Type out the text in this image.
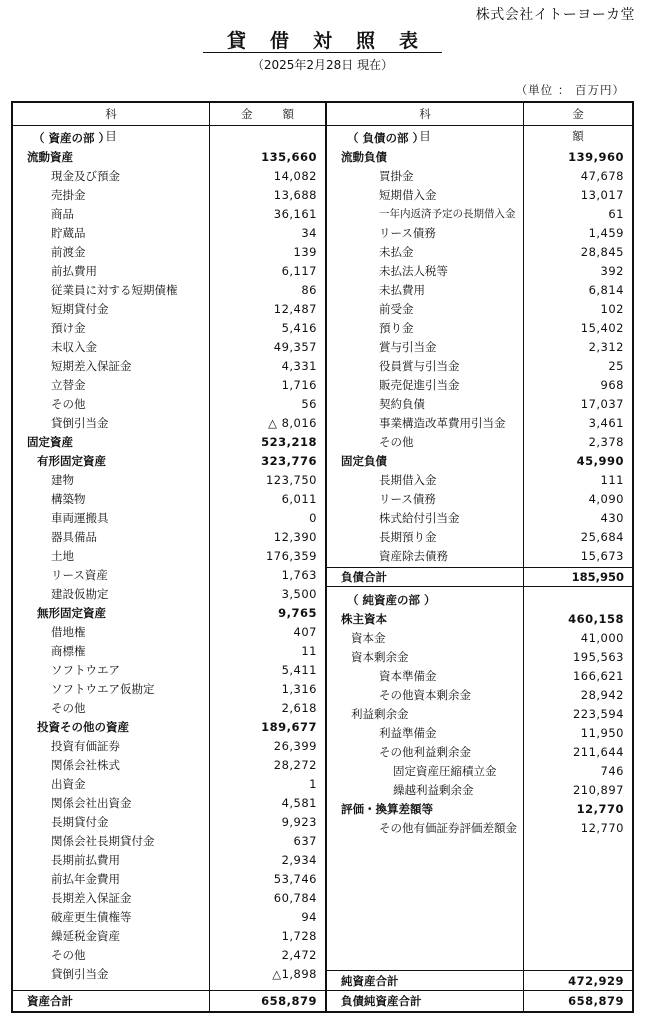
株式会社イトーヨーカ堂
貸借対照表
（2025年2月28日 現在）
（単位 ： 百万円）
科目
金額
（ 資産の部 ）
流動資産	135,660
現金及び預金	14,082
売掛金	13,688
商品	36,161
貯蔵品	34
前渡金	139
前払費用	6,117
従業員に対する短期債権	86
短期貸付金	12,487
預け金	5,416
未収入金	49,357
短期差入保証金	4,331
立替金	1,716
その他	56
貸倒引当金	△ 8,016
固定資産	523,218
有形固定資産	323,776
建物	123,750
構築物	6,011
車両運搬具	0
器具備品	12,390
土地	176,359
リース資産	1,763
建設仮勘定	3,500
無形固定資産	9,765
借地権	407
商標権	11
ソフトウエア	5,411
ソフトウエア仮勘定	1,316
その他	2,618
投資その他の資産	189,677
投資有価証券	26,399
関係会社株式	28,272
出資金	1
関係会社出資金	4,581
長期貸付金	9,923
関係会社長期貸付金	637
長期前払費用	2,934
前払年金費用	53,746
長期差入保証金	60,784
破産更生債権等	94
繰延税金資産	1,728
その他	2,472
貸倒引当金	△1,898
資産合計	658,879
科目
金額
（ 負債の部 ）
流動負債	139,960
買掛金	47,678
短期借入金	13,017
一年内返済予定の長期借入金	61
リース債務	1,459
未払金	28,845
未払法人税等	392
未払費用	6,814
前受金	102
預り金	15,402
賞与引当金	2,312
役員賞与引当金	25
販売促進引当金	968
契約負債	17,037
事業構造改革費用引当金	3,461
その他	2,378
固定負債	45,990
長期借入金	111
リース債務	4,090
株式給付引当金	430
長期預り金	25,684
資産除去債務	15,673
負債合計	185,950
（ 純資産の部 ）
株主資本	460,158
資本金	41,000
資本剰余金	195,563
資本準備金	166,621
その他資本剰余金	28,942
利益剰余金	223,594
利益準備金	11,950
その他利益剰余金	211,644
固定資産圧縮積立金	746
繰越利益剰余金	210,897
評価・換算差額等	12,770
その他有価証券評価差額金	12,770
純資産合計	472,929
負債純資産合計	658,879
